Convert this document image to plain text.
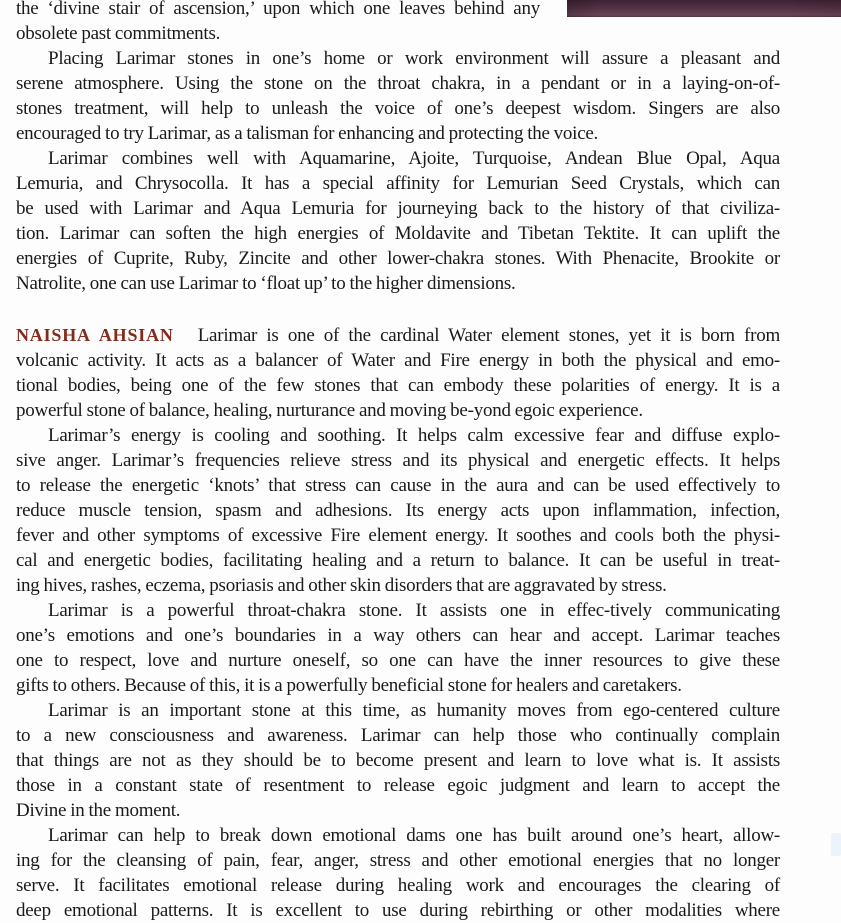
the ‘divine stair of ascension,’ upon which one leaves behind any
obsolete past commitments.
Placing Larimar stones in one’s home or work environment will assure a pleasant and
serene atmosphere. Using the stone on the throat chakra, in a pendant or in a laying-on-of-
stones treatment, will help to unleash the voice of one’s deepest wisdom. Singers are also
encouraged to try Larimar, as a talisman for enhancing and protecting the voice.
Larimar combines well with Aquamarine, Ajoite, Turquoise, Andean Blue Opal, Aqua
Lemuria, and Chrysocolla. It has a special affinity for Lemurian Seed Crystals, which can
be used with Larimar and Aqua Lemuria for journeying back to the history of that civiliza-
tion. Larimar can soften the high energies of Moldavite and Tibetan Tektite. It can uplift the
energies of Cuprite, Ruby, Zincite and other lower-chakra stones. With Phenacite, Brookite or
Natrolite, one can use Larimar to ‘float up’ to the higher dimensions.
NAISHA AHSIAN Larimar is one of the cardinal Water element stones, yet it is born from
volcanic activity. It acts as a balancer of Water and Fire energy in both the physical and emo-
tional bodies, being one of the few stones that can embody these polarities of energy. It is a
powerful stone of balance, healing, nurturance and moving be-yond egoic experience.
Larimar’s energy is cooling and soothing. It helps calm excessive fear and diffuse explo-
sive anger. Larimar’s frequencies relieve stress and its physical and energetic effects. It helps
to release the energetic ‘knots’ that stress can cause in the aura and can be used effectively to
reduce muscle tension, spasm and adhesions. Its energy acts upon inflammation, infection,
fever and other symptoms of excessive Fire element energy. It soothes and cools both the physi-
cal and energetic bodies, facilitating healing and a return to balance. It can be useful in treat-
ing hives, rashes, eczema, psoriasis and other skin disorders that are aggravated by stress.
Larimar is a powerful throat-chakra stone. It assists one in effec-tively communicating
one’s emotions and one’s boundaries in a way others can hear and accept. Larimar teaches
one to respect, love and nurture oneself, so one can have the inner resources to give these
gifts to others. Because of this, it is a powerfully beneficial stone for healers and caretakers.
Larimar is an important stone at this time, as humanity moves from ego-centered culture
to a new consciousness and awareness. Larimar can help those who continually complain
that things are not as they should be to become present and learn to love what is. It assists
those in a constant state of resentment to release egoic judgment and learn to accept the
Divine in the moment.
Larimar can help to break down emotional dams one has built around one’s heart, allow-
ing for the cleansing of pain, fear, anger, stress and other emotional energies that no longer
serve. It facilitates emotional release during healing work and encourages the clearing of
deep emotional patterns. It is excellent to use during rebirthing or other modalities where
